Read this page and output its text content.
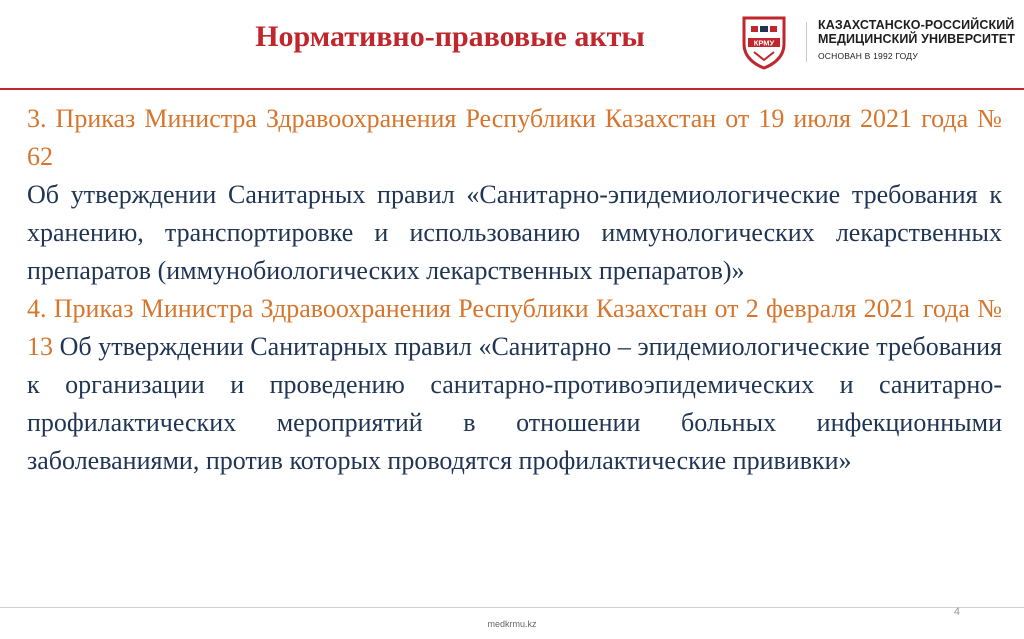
Нормативно-правовые акты	КРМУ
КАЗАХСТАНСКО-РОССИЙСКИЙ
МЕДИЦИНСКИЙ УНИВЕРСИТЕТ
ОСНОВАН В 1992 ГОДУ

3. Приказ Министра Здравоохранения Республики Казахстан от 19 июля 2021 года № 62
Об утверждении Санитарных правил «Санитарно-эпидемиологические требования к хранению, транспортировке и использованию иммунологических лекарственных препаратов (иммунобиологических лекарственных препаратов)»

4. Приказ Министра Здравоохранения Республики Казахстан от 2 февраля 2021 года № 13 Об утверждении Санитарных правил «Санитарно – эпидемиологические требования к организации и проведению санитарно-противоэпидемических и санитарно-профилактических мероприятий в отношении больных инфекционными заболеваниями, против которых проводятся профилактические прививки»

4
medkrmu.kz
